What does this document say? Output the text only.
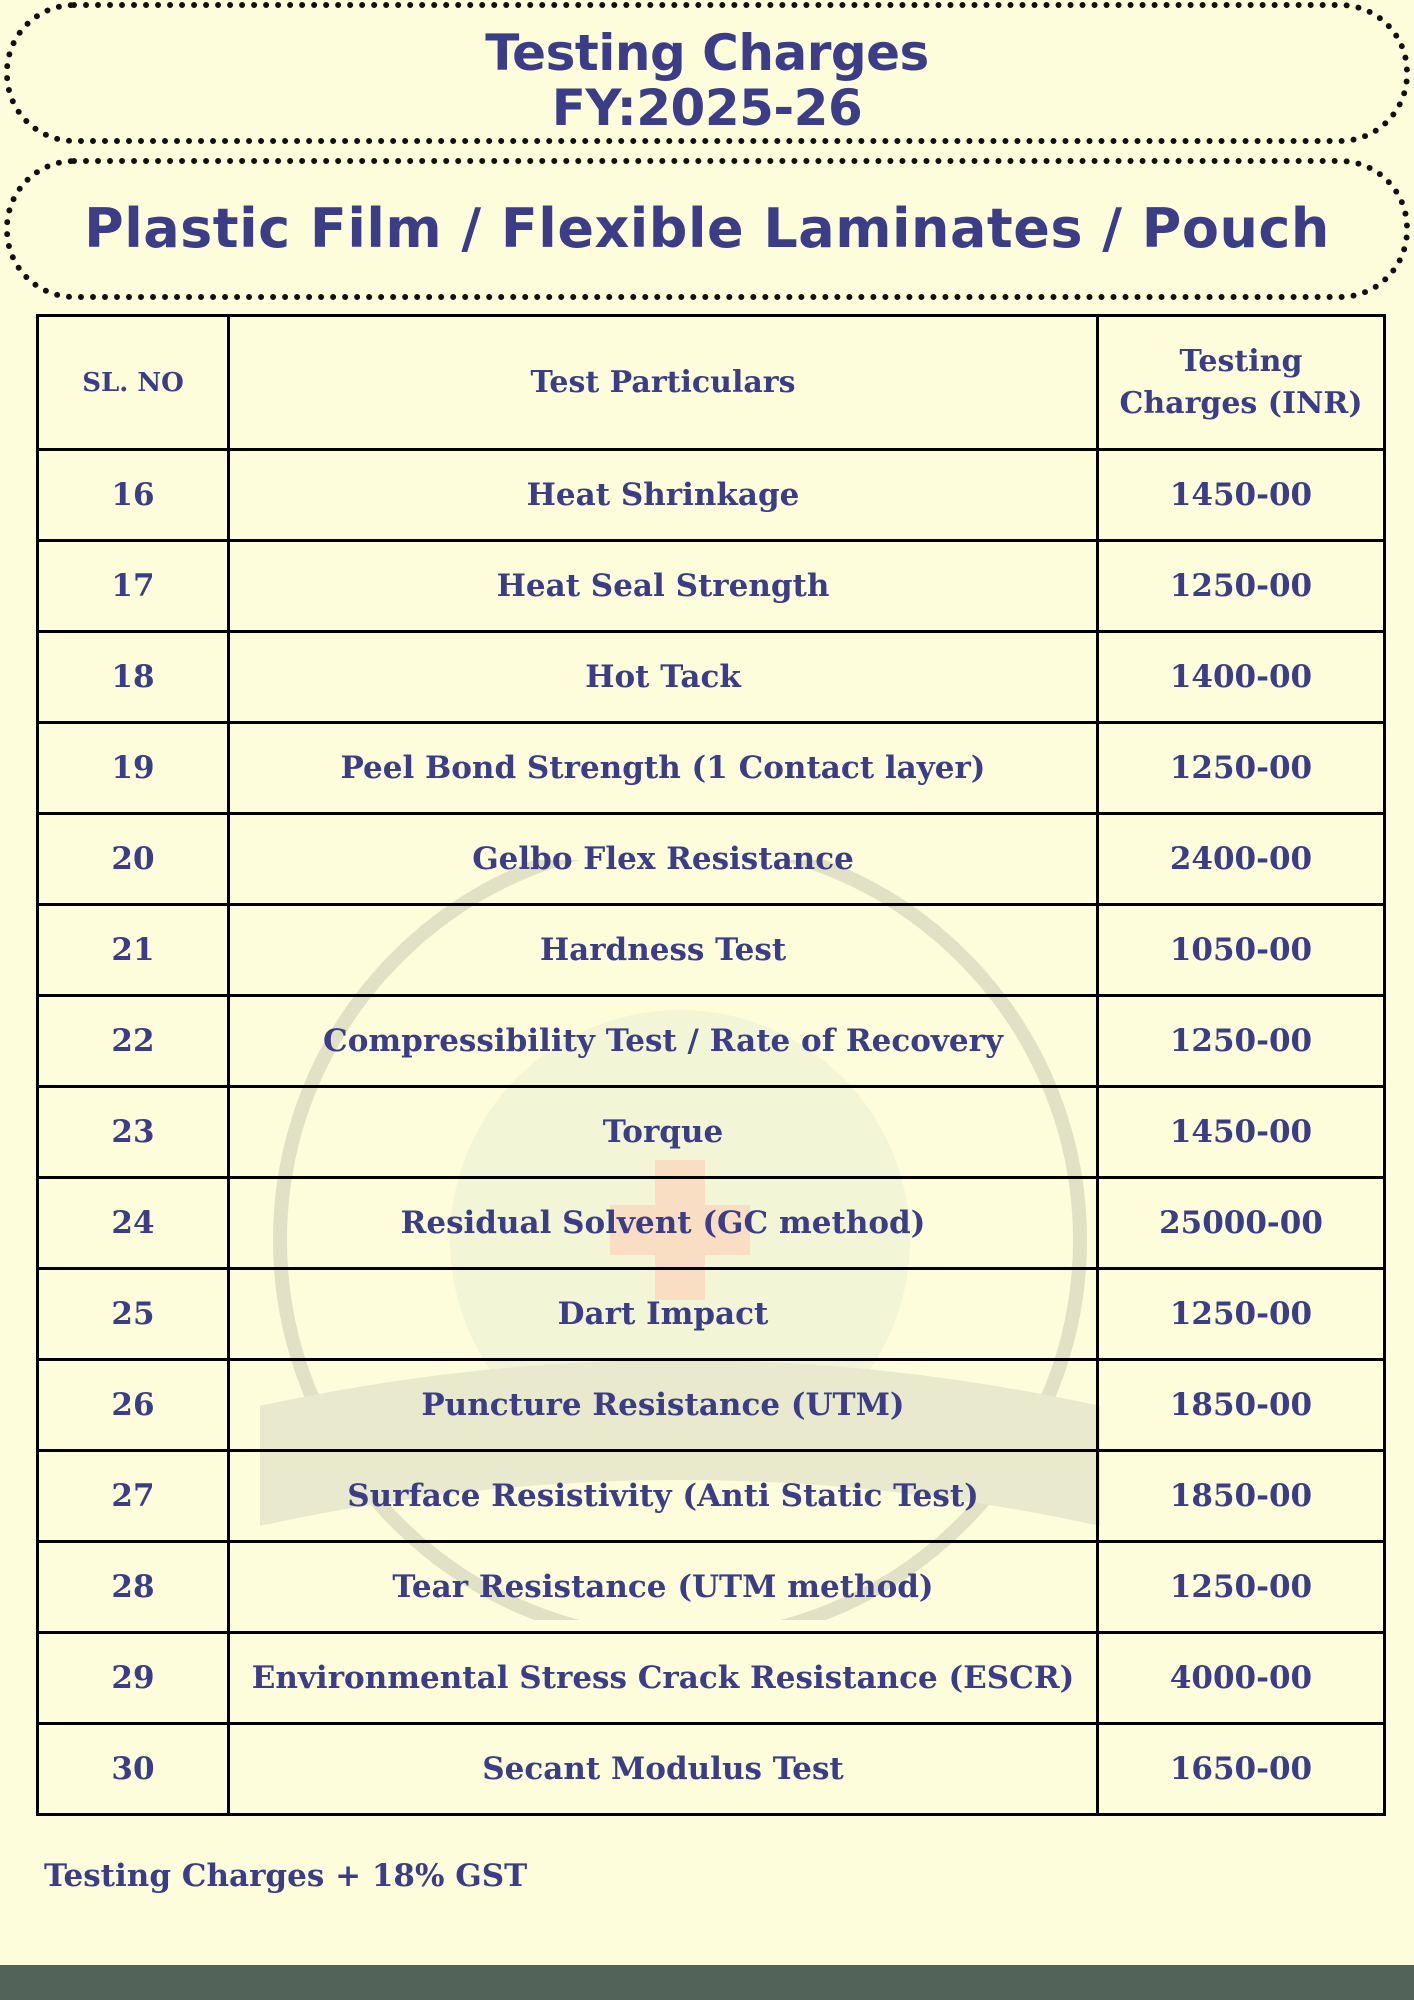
Testing Charges
FY:2025-26
Plastic Film / Flexible Laminates / Pouch
SL. NO	Test Particulars	Testing
Charges (INR)

16	Heat Shrinkage	1450-00
17	Heat Seal Strength	1250-00
18	Hot Tack	1400-00
19	Peel Bond Strength (1 Contact layer)	1250-00
20	Gelbo Flex Resistance	2400-00
21	Hardness Test	1050-00
22	Compressibility Test / Rate of Recovery	1250-00
23	Torque	1450-00
24	Residual Solvent (GC method)	25000-00
25	Dart Impact	1250-00
26	Puncture Resistance (UTM)	1850-00
27	Surface Resistivity (Anti Static Test)	1850-00
28	Tear Resistance (UTM method)	1250-00
29	Environmental Stress Crack Resistance (ESCR)	4000-00
30	Secant Modulus Test	1650-00
Testing Charges + 18% GST
